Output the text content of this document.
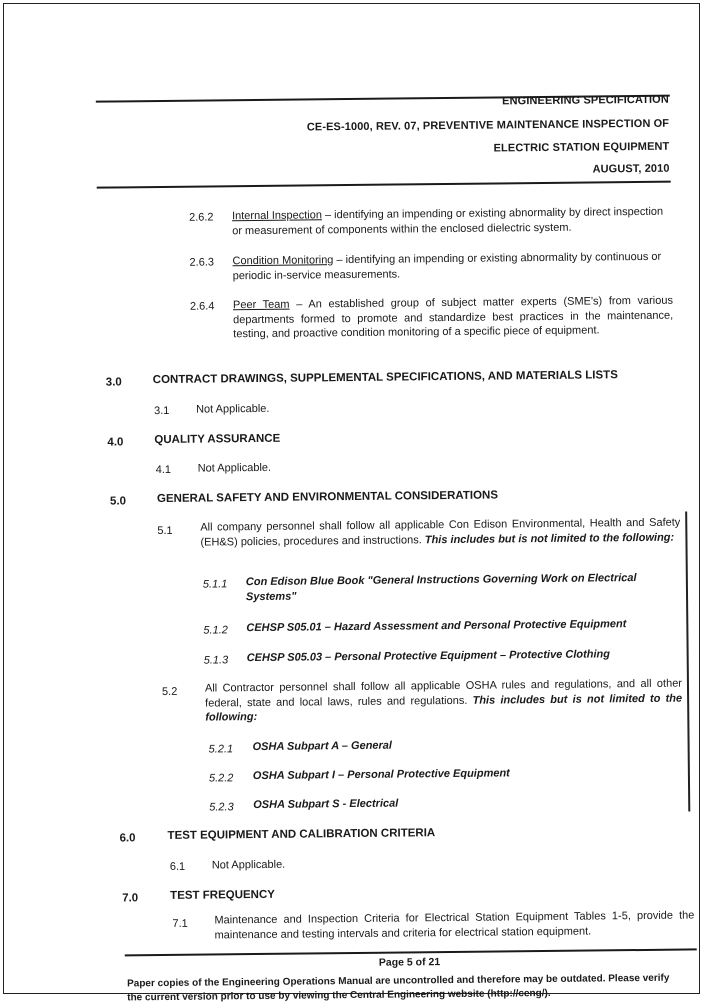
ENGINEERING SPECIFICATION
CE-ES-1000, REV. 07, PREVENTIVE MAINTENANCE INSPECTION OF
ELECTRIC STATION EQUIPMENT
AUGUST, 2010
2.6.2 Internal Inspection – identifying an impending or existing abnormality by direct inspection or measurement of components within the enclosed dielectric system.
2.6.3 Condition Monitoring – identifying an impending or existing abnormality by continuous or periodic in-service measurements.
2.6.4 Peer Team – An established group of subject matter experts (SME's) from various departments formed to promote and standardize best practices in the maintenance, testing, and proactive condition monitoring of a specific piece of equipment.
3.0	CONTRACT DRAWINGS, SUPPLEMENTAL SPECIFICATIONS, AND MATERIALS LISTS
3.1 Not Applicable.
4.0	QUALITY ASSURANCE
4.1 Not Applicable.
5.0	GENERAL SAFETY AND ENVIRONMENTAL CONSIDERATIONS
5.1	All company personnel shall follow all applicable Con Edison Environmental, Health and Safety (EH&S) policies, procedures and instructions. This includes but is not limited to the following:
5.1.1 Con Edison Blue Book "General Instructions Governing Work on Electrical Systems"
5.1.2 CEHSP S05.01 – Hazard Assessment and Personal Protective Equipment
5.1.3 CEHSP S05.03 – Personal Protective Equipment – Protective Clothing
5.2	All Contractor personnel shall follow all applicable OSHA rules and regulations, and all other federal, state and local laws, rules and regulations. This includes but is not limited to the following:
5.2.1 OSHA Subpart A – General
5.2.2 OSHA Subpart I – Personal Protective Equipment
5.2.3 OSHA Subpart S - Electrical
6.0	TEST EQUIPMENT AND CALIBRATION CRITERIA
6.1 Not Applicable.
7.0	TEST FREQUENCY
7.1 Maintenance and Inspection Criteria for Electrical Station Equipment Tables 1-5, provide the maintenance and testing intervals and criteria for electrical station equipment.
Page 5 of 21
Paper copies of the Engineering Operations Manual are uncontrolled and therefore may be outdated. Please verify
the current version prior to use by viewing the Central Engineering website (http://ceng/).
